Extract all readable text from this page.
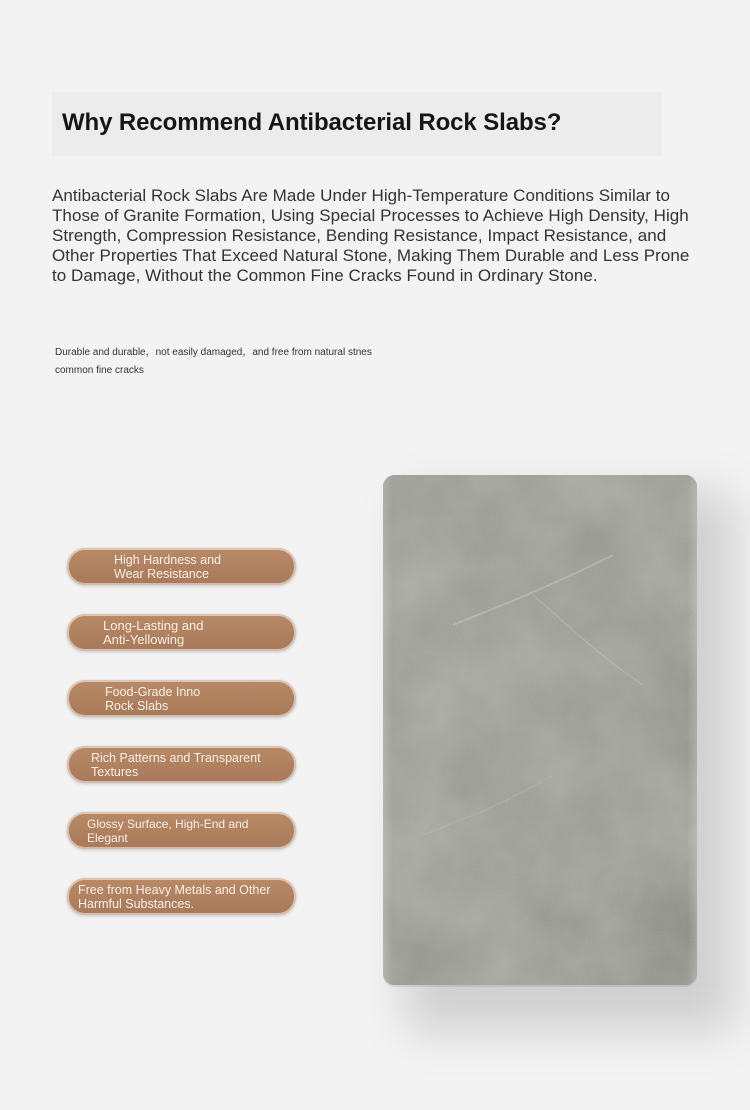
Why Recommend Antibacterial Rock Slabs?

Antibacterial Rock Slabs Are Made Under High-Temperature Conditions Similar to Those of Granite Formation, Using Special Processes to Achieve High Density, High Strength, Compression Resistance, Bending Resistance, Impact Resistance, and Other Properties That Exceed Natural Stone, Making Them Durable and Less Prone to Damage, Without the Common Fine Cracks Found in Ordinary Stone.

Durable and durable，not easily damaged，and free from natural stnes
common fine cracks

High Hardness and
Wear Resistance
Long-Lasting and
Anti-Yellowing
Food-Grade Inno
Rock Slabs
Rich Patterns and Transparent
Textures
Glossy Surface, High-End and
Elegant
Free from Heavy Metals and Other
Harmful Substances.
